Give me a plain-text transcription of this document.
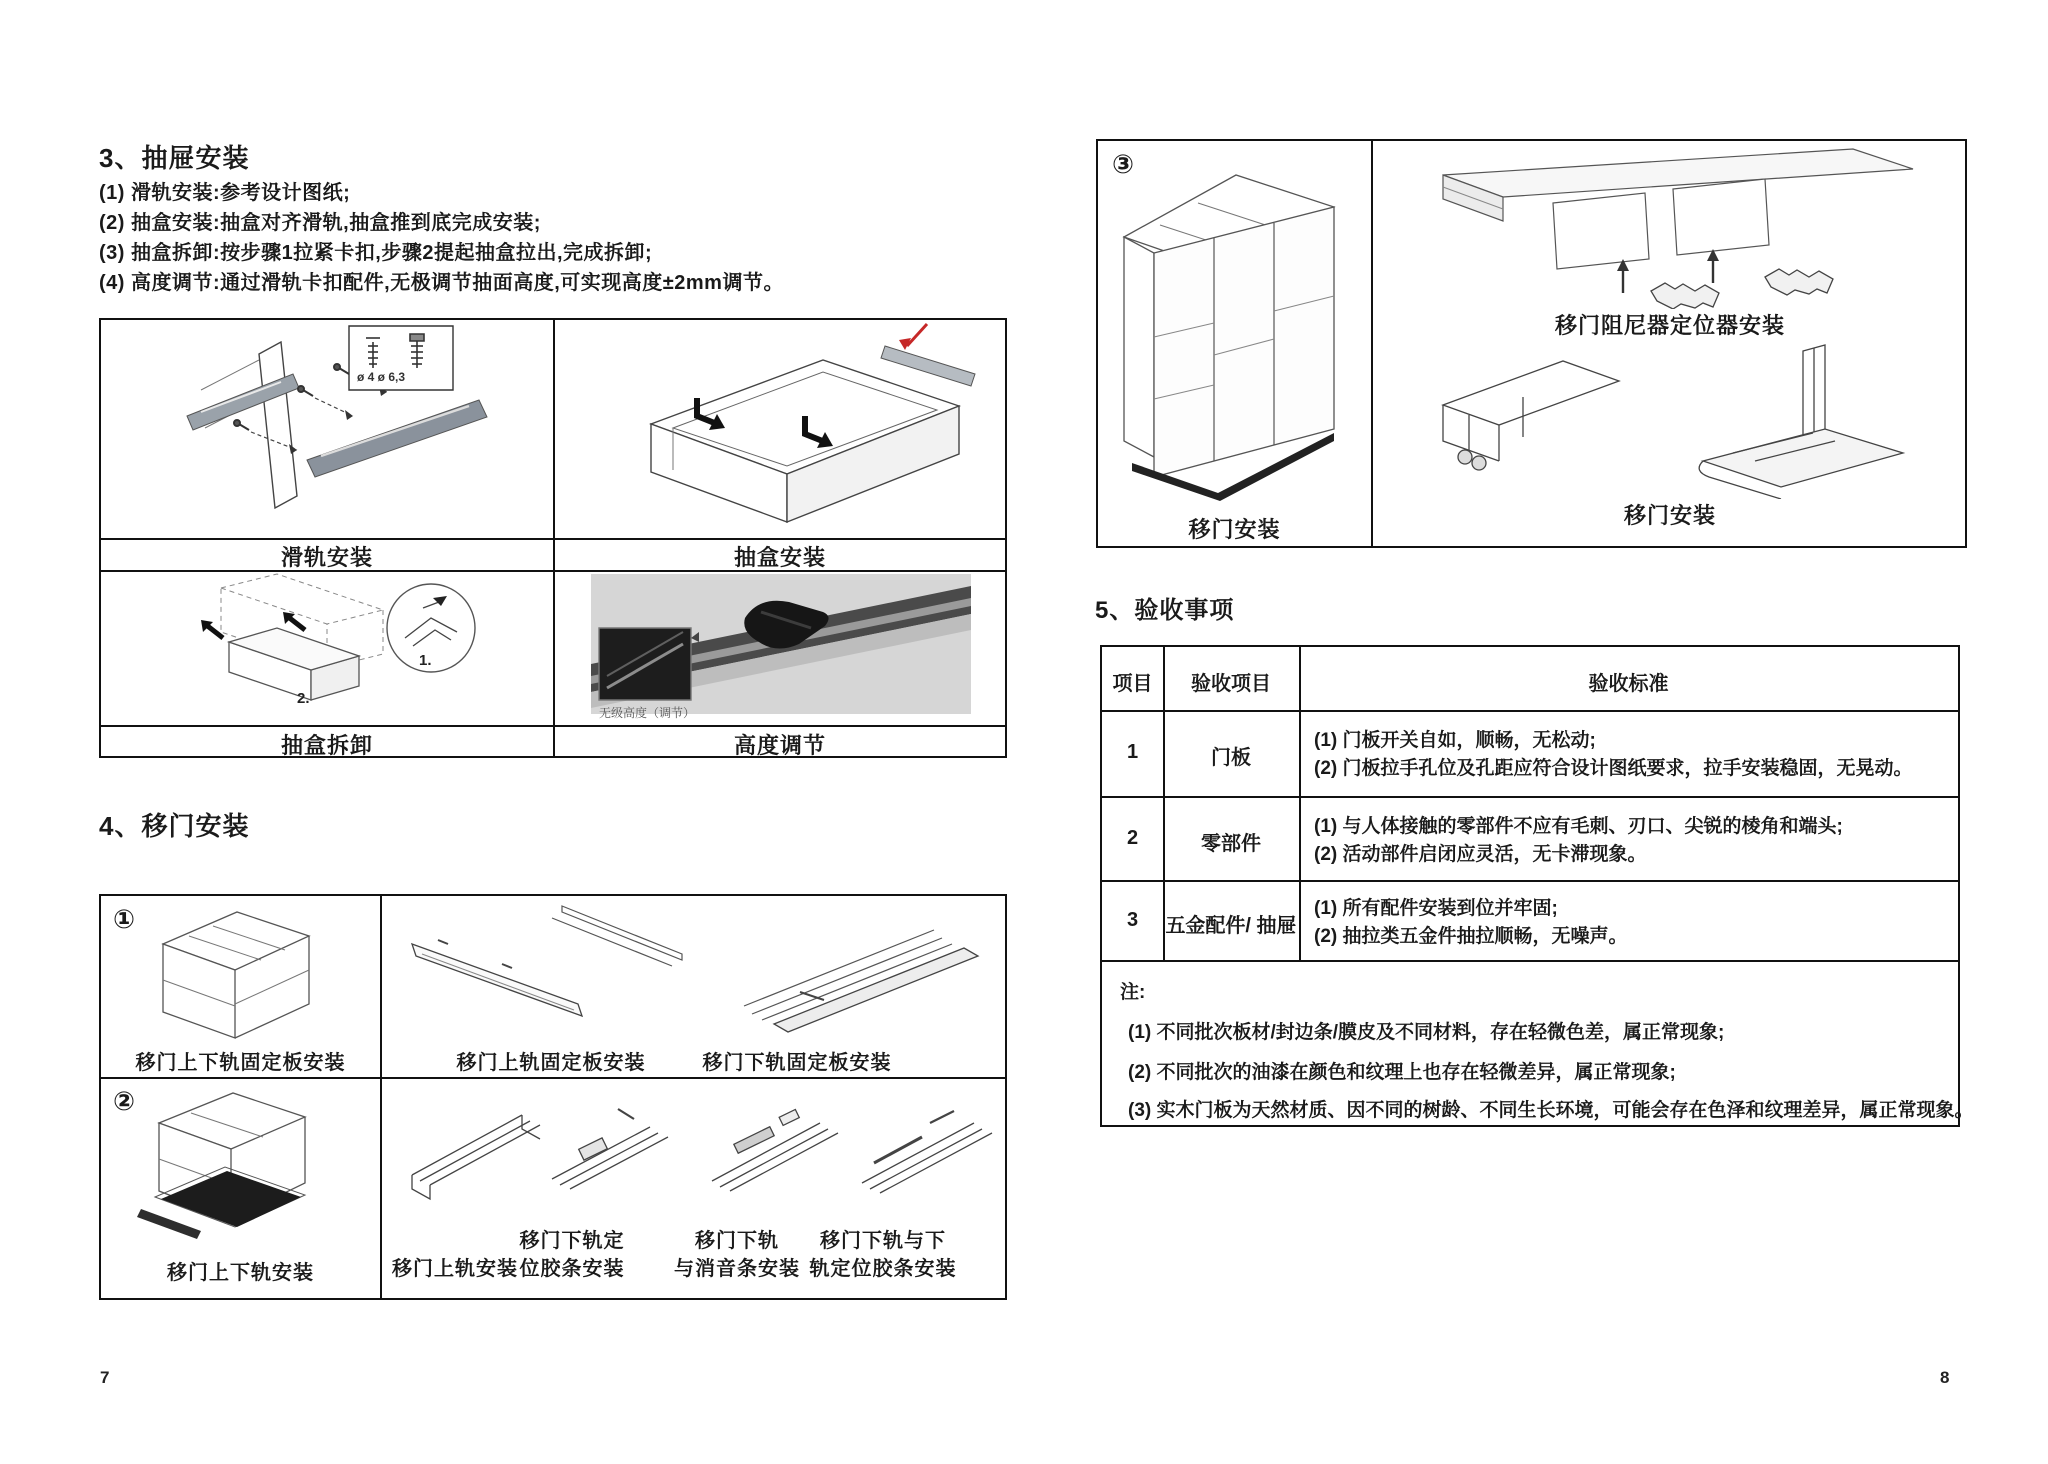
3、抽屉安装
(1) 滑轨安装:参考设计图纸;
(2) 抽盒安装:抽盒对齐滑轨,抽盒推到底完成安装;
(3) 抽盒拆卸:按步骤1拉紧卡扣,步骤2提起抽盒拉出,完成拆卸;
(4) 高度调节:通过滑轨卡扣配件,无极调节抽面高度,可实现高度±2mm调节。
ø 4 ø 6,3
滑轨安装	抽盒安装
1.
2.
无级高度（调节）
抽盒拆卸	高度调节
4、移门安装
①
②
移门上下轨固定板安装	移门上轨固定板安装	移门下轨固定板安装
移门上下轨安装	移门上轨安装
移门下轨定
位胶条安装
移门下轨
与消音条安装
移门下轨与下
轨定位胶条安装
7
③
移门安装
移门阻尼器定位器安装
移门安装
5、验收事项
项目	验收项目	验收标准
1	门板
(1) 门板开关自如，顺畅，无松动;
(2) 门板拉手孔位及孔距应符合设计图纸要求，拉手安装稳固，无晃动。
2	零部件
(1) 与人体接触的零部件不应有毛刺、刃口、尖锐的棱角和端头;
(2) 活动部件启闭应灵活，无卡滞现象。
3	五金配件/ 抽屉
(1) 所有配件安装到位并牢固;
(2) 抽拉类五金件抽拉顺畅，无噪声。
注:
(1) 不同批次板材/封边条/膜皮及不同材料，存在轻微色差，属正常现象;
(2) 不同批次的油漆在颜色和纹理上也存在轻微差异，属正常现象;
(3) 实木门板为天然材质、因不同的树龄、不同生长环境，可能会存在色泽和纹理差异，属正常现象。
8
